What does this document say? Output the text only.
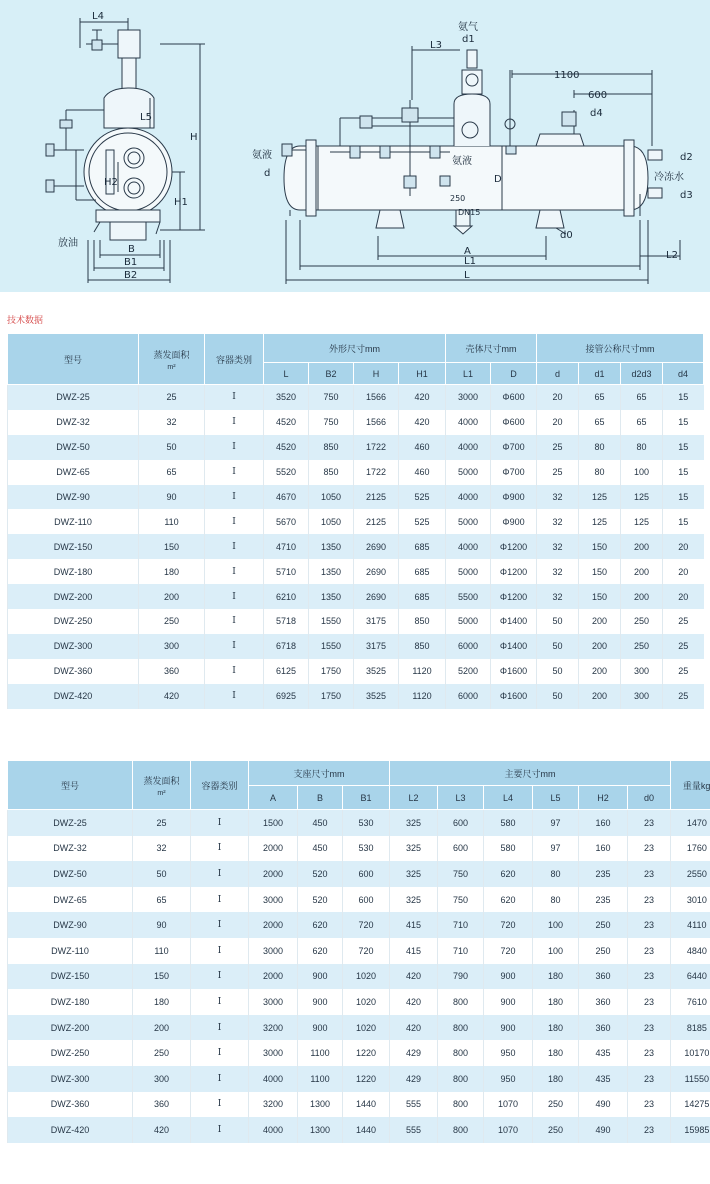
L4
L5
H
H1
H2
放油
B
B1
B2
氨气
d1
L3
1100
600
d4
氨液
d
氨液
D
d2
冷冻水
d3
250
DN15
d0
A	L2
L1
L
技术数据
型号	蒸发面积
m²	容器类别	外形尺寸mm				壳体尺寸mm		接管公称尺寸mm			
			L	B2	H	H1	L1	D	d	d1	d2d3	d4
DWZ-25	25	I	3520	750	1566	420	3000	Φ600	20	65	65	15
DWZ-32	32	I	4520	750	1566	420	4000	Φ600	20	65	65	15
DWZ-50	50	I	4520	850	1722	460	4000	Φ700	25	80	80	15
DWZ-65	65	I	5520	850	1722	460	5000	Φ700	25	80	100	15
DWZ-90	90	I	4670	1050	2125	525	4000	Φ900	32	125	125	15
DWZ-110	110	I	5670	1050	2125	525	5000	Φ900	32	125	125	15
DWZ-150	150	I	4710	1350	2690	685	4000	Φ1200	32	150	200	20
DWZ-180	180	I	5710	1350	2690	685	5000	Φ1200	32	150	200	20
DWZ-200	200	I	6210	1350	2690	685	5500	Φ1200	32	150	200	20
DWZ-250	250	I	5718	1550	3175	850	5000	Φ1400	50	200	250	25
DWZ-300	300	I	6718	1550	3175	850	6000	Φ1400	50	200	250	25
DWZ-360	360	I	6125	1750	3525	1120	5200	Φ1600	50	200	300	25
DWZ-420	420	I	6925	1750	3525	1120	6000	Φ1600	50	200	300	25
型号	蒸发面积
m²	容器类别	支座尺寸mm			主要尺寸mm						重量kg
			A	B	B1	L2	L3	L4	L5	H2	d0	
DWZ-25	25	I	1500	450	530	325	600	580	97	160	23	1470
DWZ-32	32	I	2000	450	530	325	600	580	97	160	23	1760
DWZ-50	50	I	2000	520	600	325	750	620	80	235	23	2550
DWZ-65	65	I	3000	520	600	325	750	620	80	235	23	3010
DWZ-90	90	I	2000	620	720	415	710	720	100	250	23	4110
DWZ-110	110	I	3000	620	720	415	710	720	100	250	23	4840
DWZ-150	150	I	2000	900	1020	420	790	900	180	360	23	6440
DWZ-180	180	I	3000	900	1020	420	800	900	180	360	23	7610
DWZ-200	200	I	3200	900	1020	420	800	900	180	360	23	8185
DWZ-250	250	I	3000	1100	1220	429	800	950	180	435	23	10170
DWZ-300	300	I	4000	1100	1220	429	800	950	180	435	23	11550
DWZ-360	360	I	3200	1300	1440	555	800	1070	250	490	23	14275
DWZ-420	420	I	4000	1300	1440	555	800	1070	250	490	23	15985
